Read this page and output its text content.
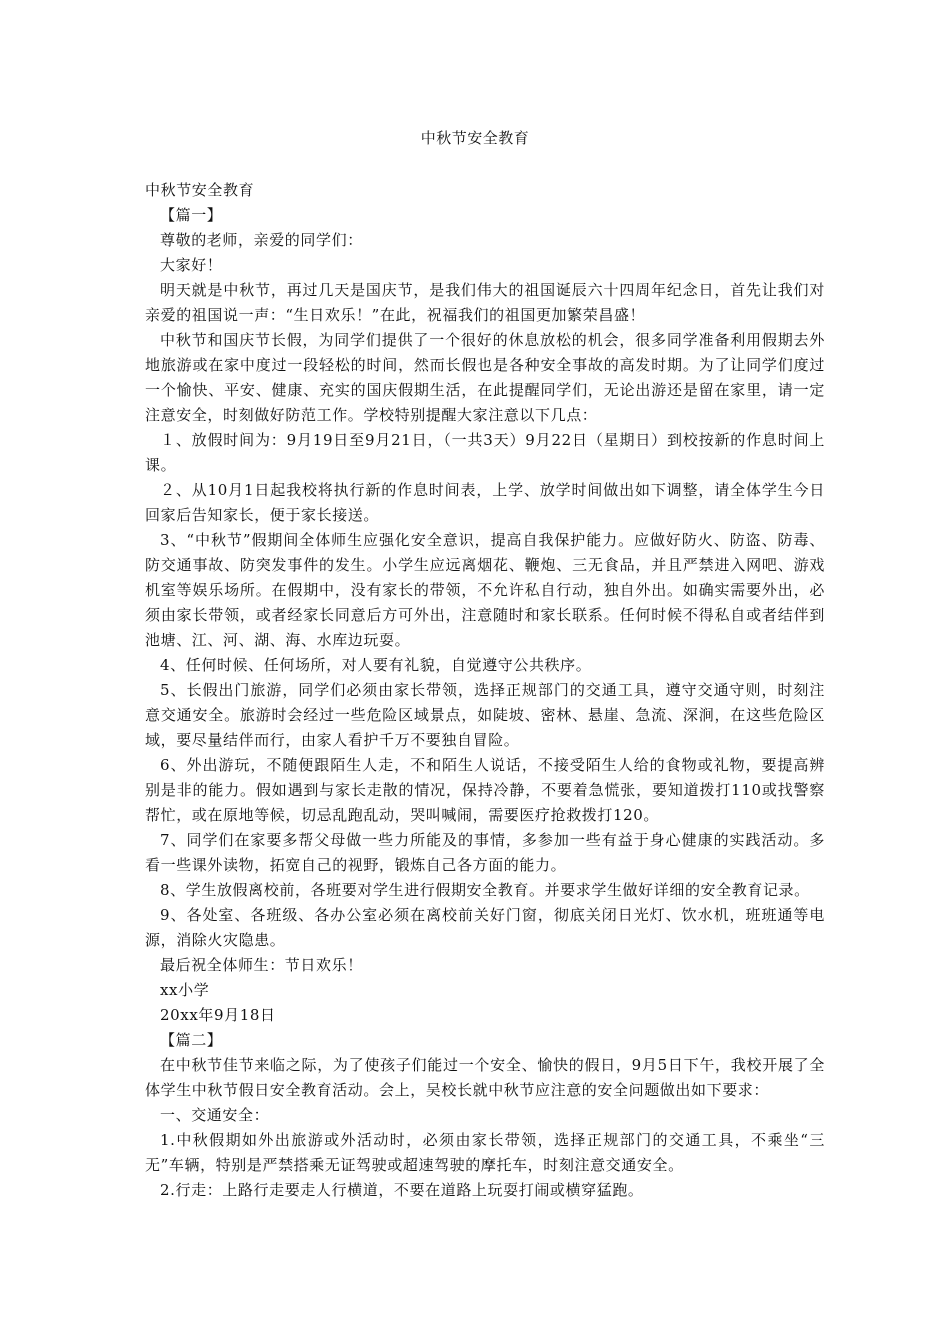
中秋节安全教育

中秋节安全教育

【篇一】

尊敬的老师，亲爱的同学们：

大家好！

明天就是中秋节，再过几天是国庆节，是我们伟大的祖国诞辰六十四周年纪念日，首先让我们对亲爱的祖国说一声：“生日欢乐！”在此，祝福我们的祖国更加繁荣昌盛！

中秋节和国庆节长假，为同学们提供了一个很好的休息放松的机会，很多同学准备利用假期去外地旅游或在家中度过一段轻松的时间，然而长假也是各种安全事故的高发时期。为了让同学们度过一个愉快、平安、健康、充实的国庆假期生活，在此提醒同学们，无论出游还是留在家里，请一定注意安全，时刻做好防范工作。学校特别提醒大家注意以下几点：

１、放假时间为：9月19日至9月21日，（一共3天）9月22日（星期日）到校按新的作息时间上课。

２、从10月1日起我校将执行新的作息时间表，上学、放学时间做出如下调整，请全体学生今日回家后告知家长，便于家长接送。

3、“中秋节”假期间全体师生应强化安全意识，提高自我保护能力。应做好防火、防盗、防毒、防交通事故、防突发事件的发生。小学生应远离烟花、鞭炮、三无食品，并且严禁进入网吧、游戏机室等娱乐场所。在假期中，没有家长的带领，不允许私自行动，独自外出。如确实需要外出，必须由家长带领，或者经家长同意后方可外出，注意随时和家长联系。任何时候不得私自或者结伴到池塘、江、河、湖、海、水库边玩耍。

4、任何时候、任何场所，对人要有礼貌，自觉遵守公共秩序。

5、长假出门旅游，同学们必须由家长带领，选择正规部门的交通工具，遵守交通守则，时刻注意交通安全。旅游时会经过一些危险区域景点，如陡坡、密林、悬崖、急流、深涧，在这些危险区域，要尽量结伴而行，由家人看护千万不要独自冒险。

6、外出游玩，不随便跟陌生人走，不和陌生人说话，不接受陌生人给的食物或礼物，要提高辨别是非的能力。假如遇到与家长走散的情况，保持冷静，不要着急慌张，要知道拨打110或找警察帮忙，或在原地等候，切忌乱跑乱动，哭叫喊闹，需要医疗抢救拨打120。

7、同学们在家要多帮父母做一些力所能及的事情，多参加一些有益于身心健康的实践活动。多看一些课外读物，拓宽自己的视野，锻炼自己各方面的能力。

8、学生放假离校前，各班要对学生进行假期安全教育。并要求学生做好详细的安全教育记录。

9、各处室、各班级、各办公室必须在离校前关好门窗，彻底关闭日光灯、饮水机，班班通等电源，消除火灾隐患。

最后祝全体师生：节日欢乐！

xx小学

20xx年9月18日

【篇二】

在中秋节佳节来临之际，为了使孩子们能过一个安全、愉快的假日，9月5日下午，我校开展了全体学生中秋节假日安全教育活动。会上，吴校长就中秋节应注意的安全问题做出如下要求：

一、交通安全：

1.中秋假期如外出旅游或外活动时，必须由家长带领，选择正规部门的交通工具，不乘坐“三无”车辆，特别是严禁搭乘无证驾驶或超速驾驶的摩托车，时刻注意交通安全。

2.行走：上路行走要走人行横道，不要在道路上玩耍打闹或横穿猛跑。
